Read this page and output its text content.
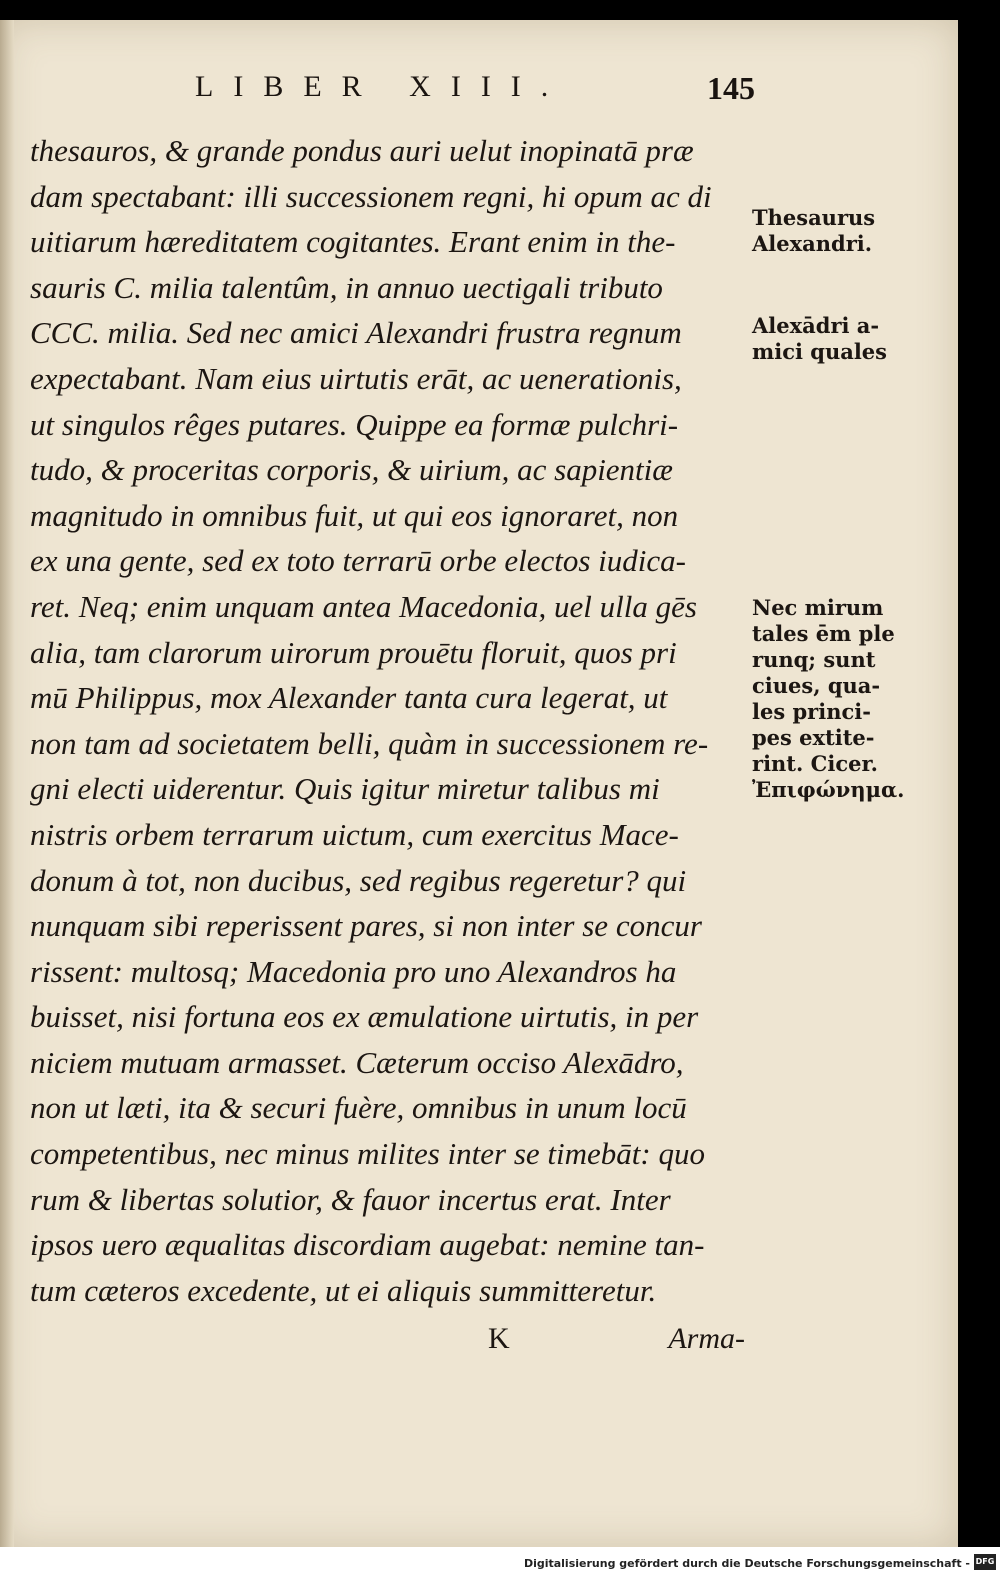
LIBER XIII.	145
thesauros, & grande pondus auri uelut inopinatā præ
dam spectabant: illi successionem regni, hi opum ac di
uitiarum hæreditatem cogitantes. Erant enim in the-
sauris C. milia talentûm, in annuo uectigali tributo
CCC. milia. Sed nec amici Alexandri frustra regnum
expectabant. Nam eius uirtutis erāt, ac uenerationis,
ut singulos rêges putares. Quippe ea formæ pulchri-
tudo, & proceritas corporis, & uirium, ac sapientiæ
magnitudo in omnibus fuit, ut qui eos ignoraret, non
ex una gente, sed ex toto terrarū orbe electos iudica-
ret. Neq; enim unquam antea Macedonia, uel ulla gēs
alia, tam clarorum uirorum prouētu floruit, quos pri
mū Philippus, mox Alexander tanta cura legerat, ut
non tam ad societatem belli, quàm in successionem re-
gni electi uiderentur. Quis igitur miretur talibus mi
nistris orbem terrarum uictum, cum exercitus Mace-
donum à tot, non ducibus, sed regibus regeretur? qui
nunquam sibi reperissent pares, si non inter se concur
rissent: multosq; Macedonia pro uno Alexandros ha
buisset, nisi fortuna eos ex æmulatione uirtutis, in per
niciem mutuam armasset. Cæterum occiso Alexādro,
non ut læti, ita & securi fuère, omnibus in unum locū
competentibus, nec minus milites inter se timebāt: quo
rum & libertas solutior, & fauor incertus erat. Inter
ipsos uero æqualitas discordiam augebat: nemine tan-
tum cæteros excedente, ut ei aliquis summitteretur.
K	Arma-
Thesaurus
Alexandri.
Alexādri a-
mici quales
Nec mirum
tales ēm ple
runq; sunt
ciues, qua-
les princi-
pes extite-
rint. Cicer.
Ἐπιφώνημα.
Digitalisierung gefördert durch die Deutsche Forschungsgemeinschaft - DFG
